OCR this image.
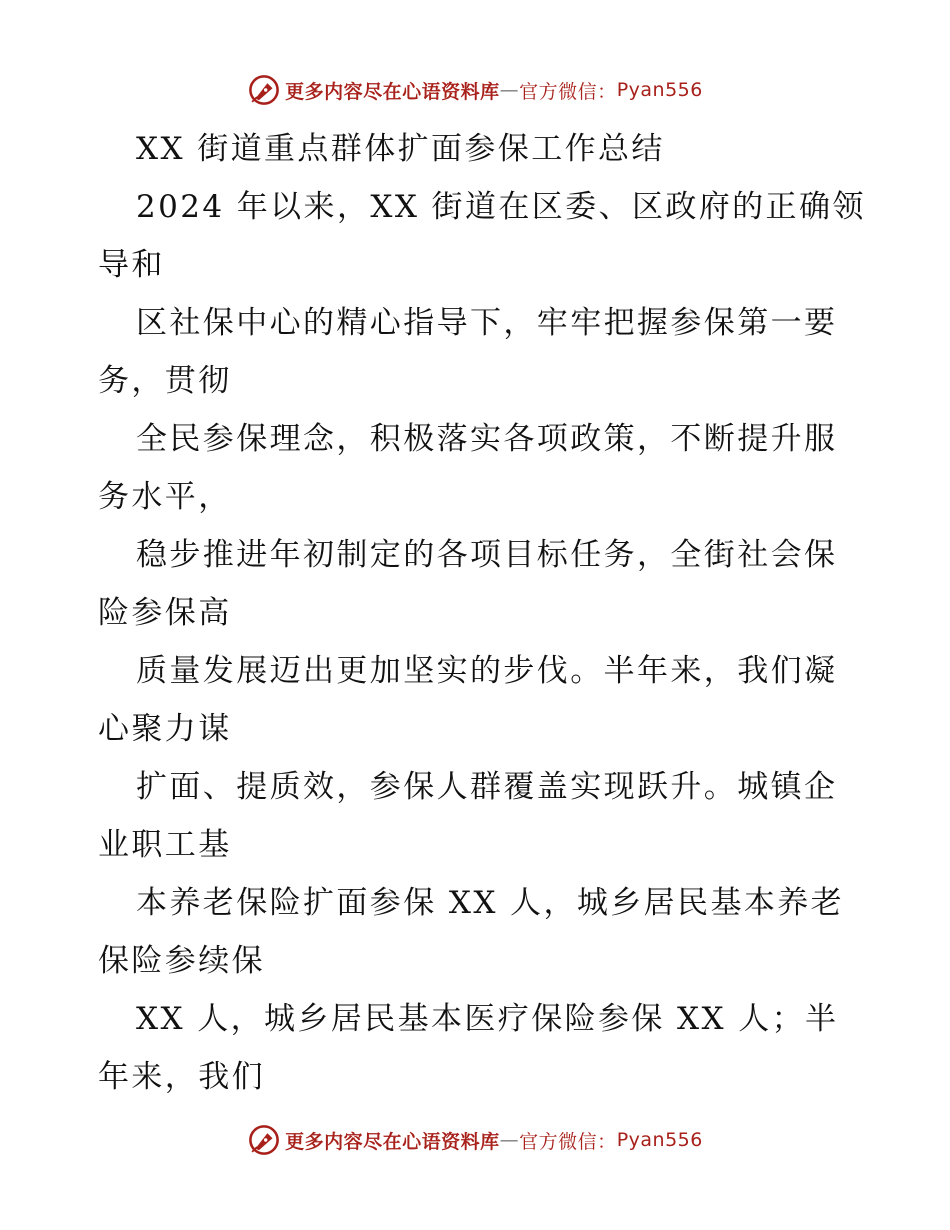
更多内容尽在心语资料库 — 官方微信： Pyan556
XX 街道重点群体扩面参保工作总结
2024 年以来，XX 街道在区委、区政府的正确领
导和
区社保中心的精心指导下，牢牢把握参保第一要
务，贯彻
全民参保理念，积极落实各项政策，不断提升服
务水平，
稳步推进年初制定的各项目标任务，全街社会保
险参保高
质量发展迈出更加坚实的步伐。半年来，我们凝
心聚力谋
扩面、提质效，参保人群覆盖实现跃升。城镇企
业职工基
本养老保险扩面参保 XX 人，城乡居民基本养老
保险参续保
XX 人，城乡居民基本医疗保险参保 XX 人；半
年来，我们
更多内容尽在心语资料库 — 官方微信： Pyan556
